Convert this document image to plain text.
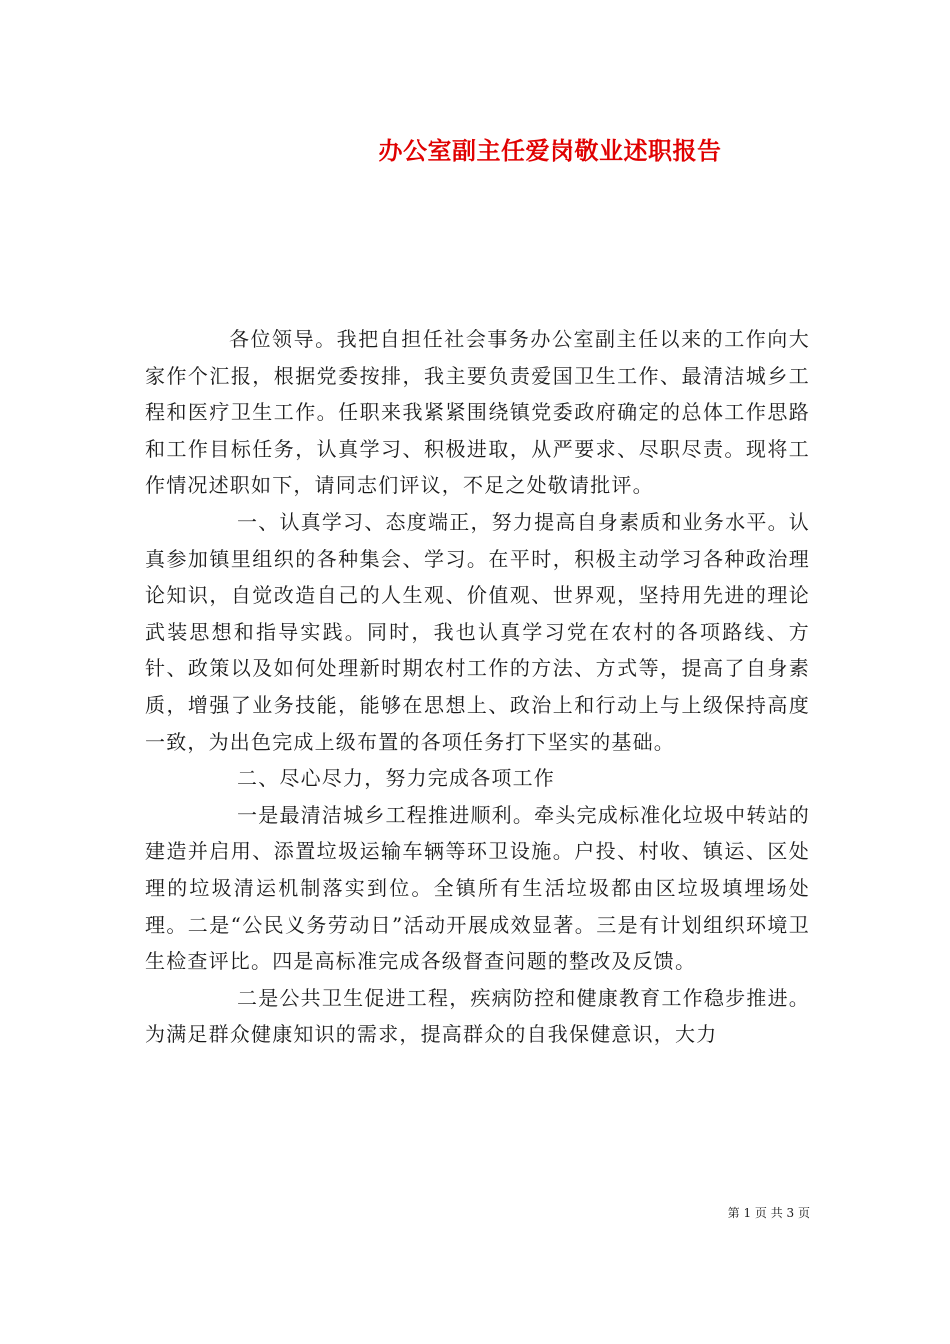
办公室副主任爱岗敬业述职报告

各位领导。我把自担任社会事务办公室副主任以来的工作向大家作个汇报，根据党委按排，我主要负责爱国卫生工作、最清洁城乡工程和医疗卫生工作。任职来我紧紧围绕镇党委政府确定的总体工作思路和工作目标任务，认真学习、积极进取，从严要求、尽职尽责。现将工作情况述职如下，请同志们评议，不足之处敬请批评。

一、认真学习、态度端正，努力提高自身素质和业务水平。认真参加镇里组织的各种集会、学习。在平时，积极主动学习各种政治理论知识，自觉改造自己的人生观、价值观、世界观，坚持用先进的理论武装思想和指导实践。同时，我也认真学习党在农村的各项路线、方针、政策以及如何处理新时期农村工作的方法、方式等，提高了自身素质，增强了业务技能，能够在思想上、政治上和行动上与上级保持高度一致，为出色完成上级布置的各项任务打下坚实的基础。

二、尽心尽力，努力完成各项工作

一是最清洁城乡工程推进顺利。牵头完成标准化垃圾中转站的建造并启用、添置垃圾运输车辆等环卫设施。户投、村收、镇运、区处理的垃圾清运机制落实到位。全镇所有生活垃圾都由区垃圾填埋场处理。二是“公民义务劳动日”活动开展成效显著。三是有计划组织环境卫生检查评比。四是高标准完成各级督查问题的整改及反馈。

二是公共卫生促进工程，疾病防控和健康教育工作稳步推进。为满足群众健康知识的需求，提高群众的自我保健意识，大力

第 1 页 共 3 页
